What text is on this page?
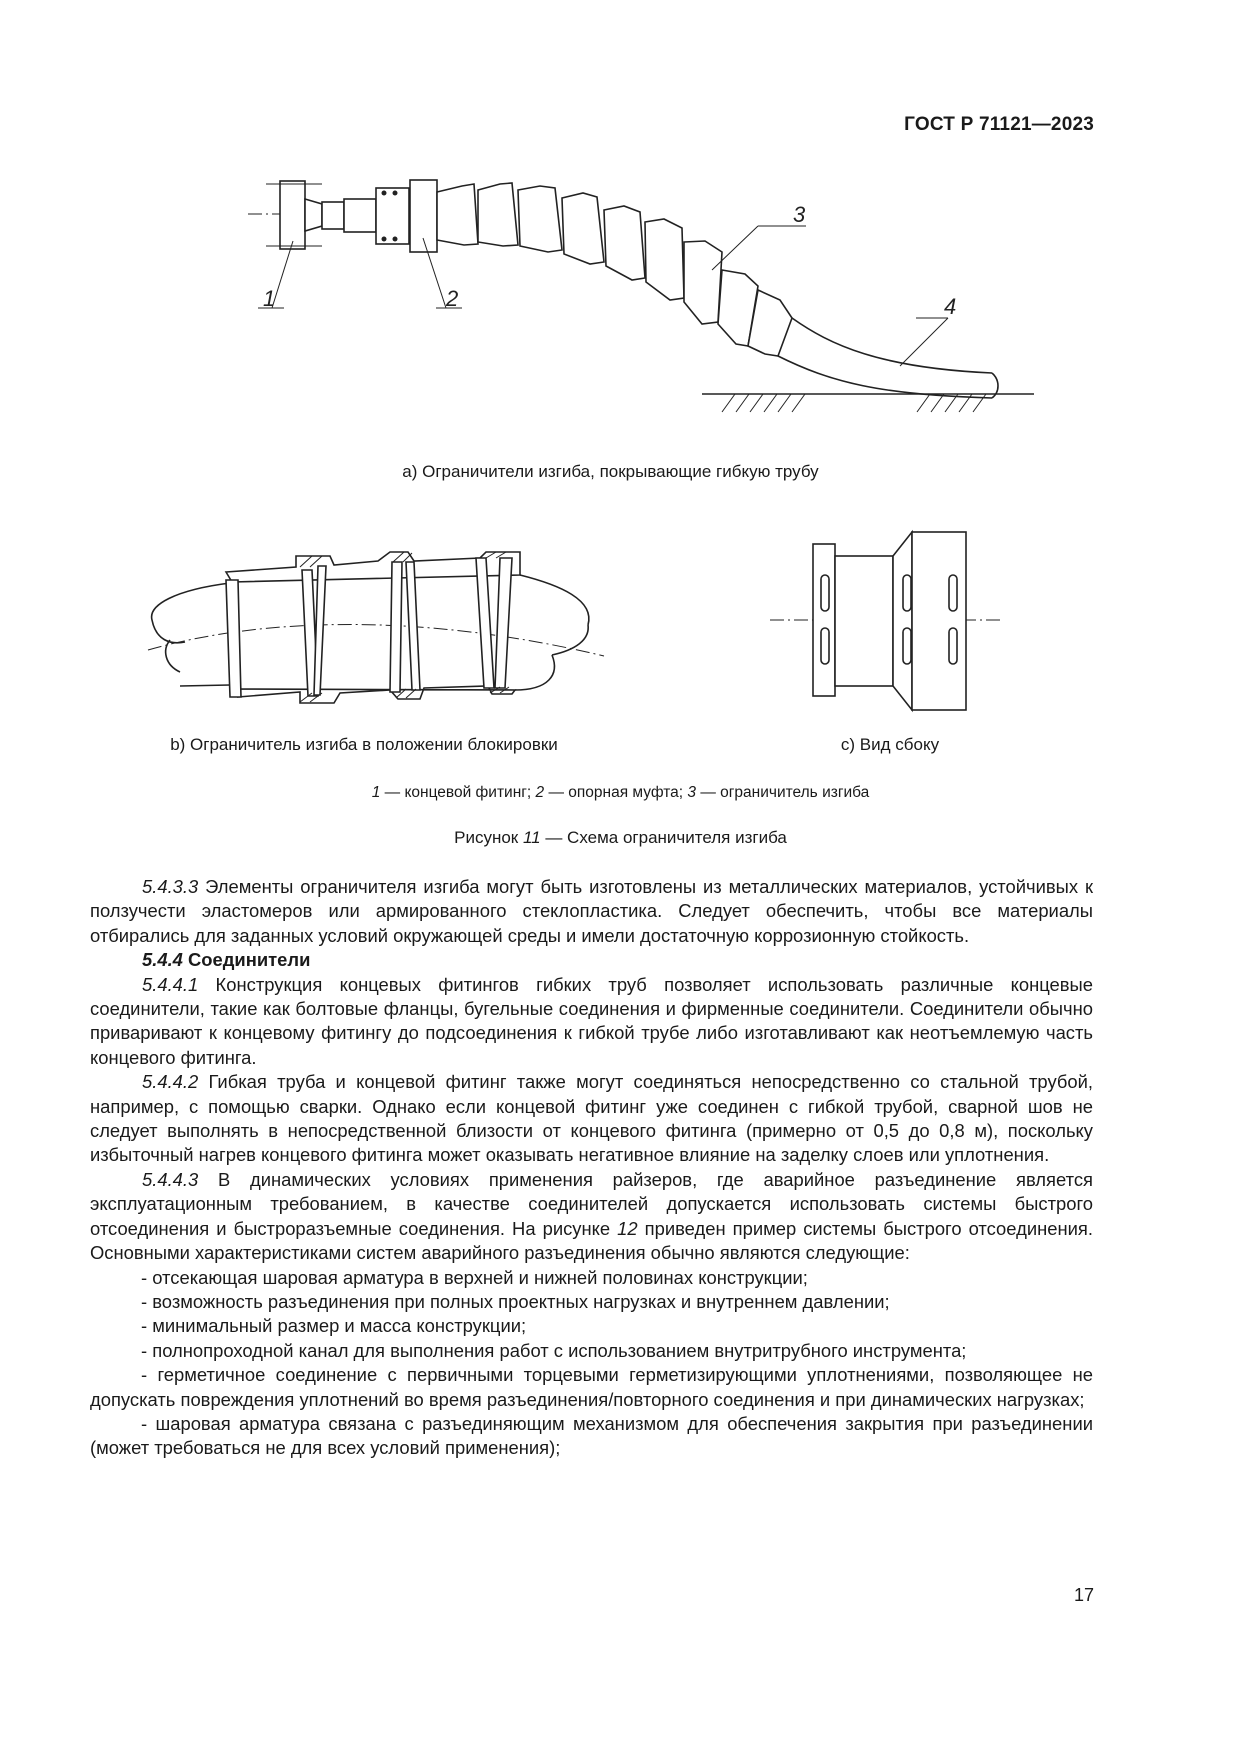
ГОСТ Р 71121—2023
1	2
3
4
а) Ограничители изгиба, покрывающие гибкую трубу
b) Ограничитель изгиба в положении блокировки	c) Вид сбоку
1 — концевой фитинг; 2 — опорная муфта; 3 — ограничитель изгиба
Рисунок 11 — Схема ограничителя изгиба

5.4.3.3 Элементы ограничителя изгиба могут быть изготовлены из металлических материалов, устойчивых к ползучести эластомеров или армированного стеклопластика. Следует обеспечить, чтобы все материалы отбирались для заданных условий окружающей среды и имели достаточную коррозионную стойкость.

5.4.4 Соединители

5.4.4.1 Конструкция концевых фитингов гибких труб позволяет использовать различные концевые соединители, такие как болтовые фланцы, бугельные соединения и фирменные соединители. Соединители обычно приваривают к концевому фитингу до подсоединения к гибкой трубе либо изготавливают как неотъемлемую часть концевого фитинга.

5.4.4.2 Гибкая труба и концевой фитинг также могут соединяться непосредственно со стальной трубой, например, с помощью сварки. Однако если концевой фитинг уже соединен с гибкой трубой, сварной шов не следует выполнять в непосредственной близости от концевого фитинга (примерно от 0,5 до 0,8 м), поскольку избыточный нагрев концевого фитинга может оказывать негативное влияние на заделку слоев или уплотнения.

5.4.4.3 В динамических условиях применения райзеров, где аварийное разъединение является эксплуатационным требованием, в качестве соединителей допускается использовать системы быстрого отсоединения и быстроразъемные соединения. На рисунке 12 приведен пример системы быстрого отсоединения. Основными характеристиками систем аварийного разъединения обычно являются следующие:

- отсекающая шаровая арматура в верхней и нижней половинах конструкции;

- возможность разъединения при полных проектных нагрузках и внутреннем давлении;

- минимальный размер и масса конструкции;

- полнопроходной канал для выполнения работ с использованием внутритрубного инструмента;

- герметичное соединение с первичными торцевыми герметизирующими уплотнениями, позволяющее не допускать повреждения уплотнений во время разъединения/повторного соединения и при динамических нагрузках;

- шаровая арматура связана с разъединяющим механизмом для обеспечения закрытия при разъединении (может требоваться не для всех условий применения);

17
